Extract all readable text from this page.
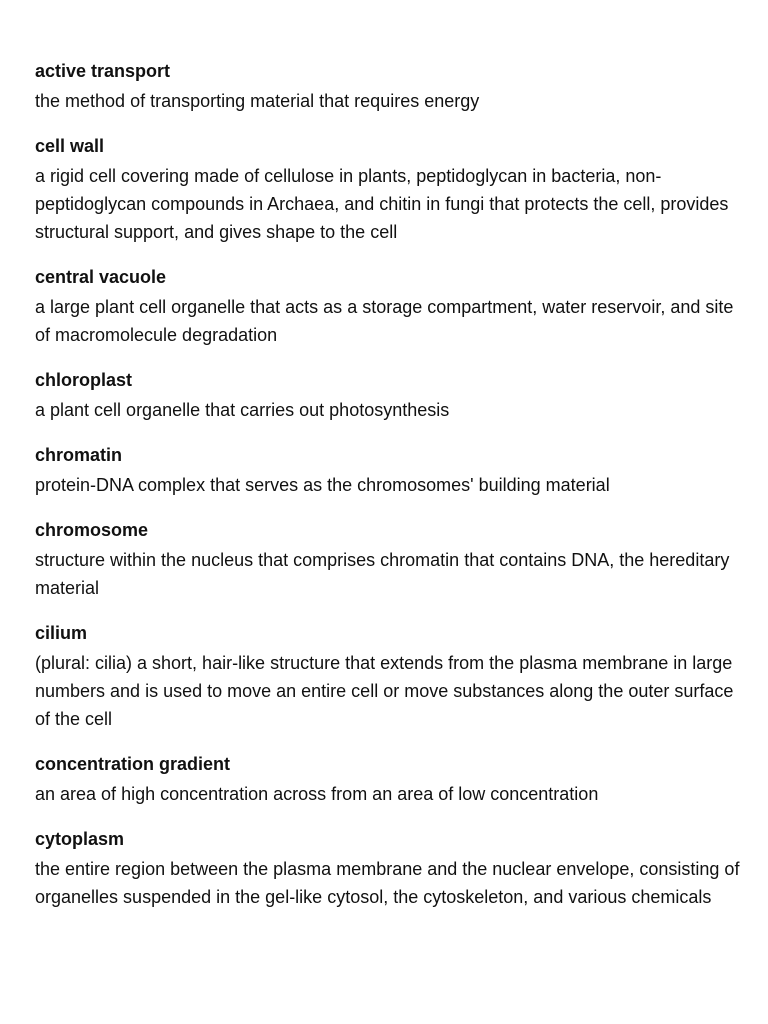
active transport
the method of transporting material that requires energy
cell wall
a rigid cell covering made of cellulose in plants, peptidoglycan in bacteria, non-peptidoglycan compounds in Archaea, and chitin in fungi that protects the cell, provides structural support, and gives shape to the cell
central vacuole
a large plant cell organelle that acts as a storage compartment, water reservoir, and site of macromolecule degradation
chloroplast
a plant cell organelle that carries out photosynthesis
chromatin
protein-DNA complex that serves as the chromosomes' building material
chromosome
structure within the nucleus that comprises chromatin that contains DNA, the hereditary material
cilium
(plural: cilia) a short, hair-like structure that extends from the plasma membrane in large numbers and is used to move an entire cell or move substances along the outer surface of the cell
concentration gradient
an area of high concentration across from an area of low concentration
cytoplasm
the entire region between the plasma membrane and the nuclear envelope, consisting of organelles suspended in the gel-like cytosol, the cytoskeleton, and various chemicals
